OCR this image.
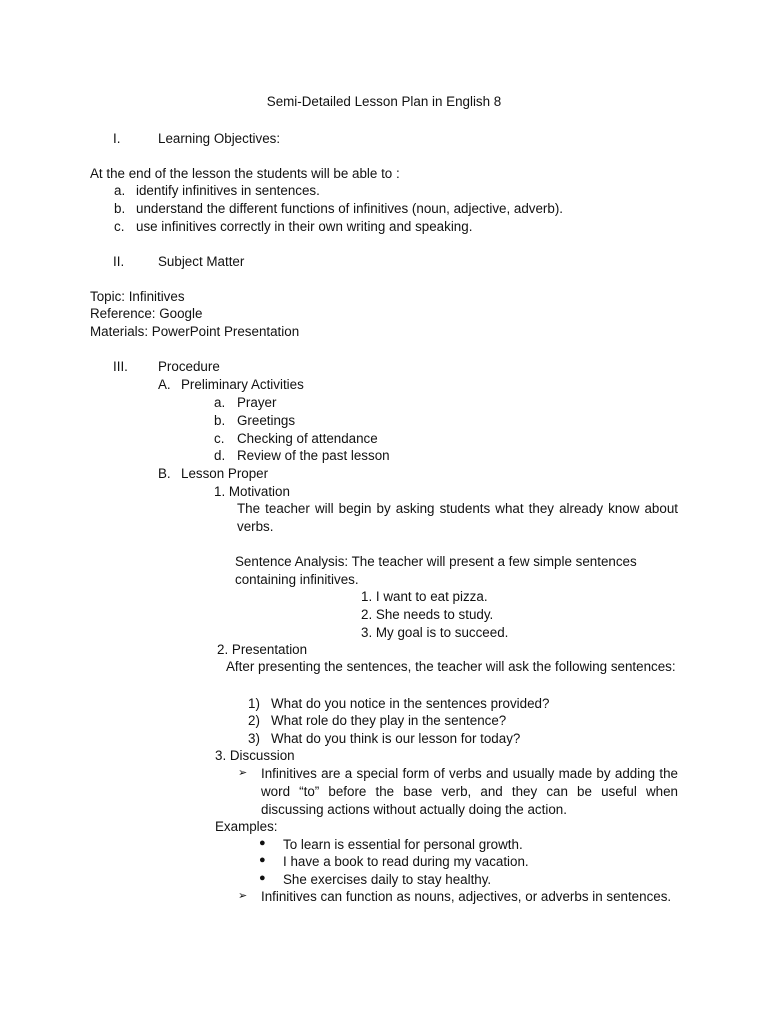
Semi-Detailed Lesson Plan in English 8
I.	Learning Objectives:
At the end of the lesson the students will be able to :
a. identify infinitives in sentences.
b. understand the different functions of infinitives (noun, adjective, adverb).
c. use infinitives correctly in their own writing and speaking.
II.	Subject Matter
Topic: Infinitives
Reference: Google
Materials: PowerPoint Presentation
III. Procedure
A. Preliminary Activities
a. Prayer
b. Greetings
c. Checking of attendance
d. Review of the past lesson
B. Lesson Proper
1. Motivation
The teacher will begin by asking students what they already know about verbs.
Sentence Analysis: The teacher will present a few simple sentences containing infinitives.
1. I want to eat pizza.
2. She needs to study.
3. My goal is to succeed.
2. Presentation
After presenting the sentences, the teacher will ask the following sentences:
1) What do you notice in the sentences provided?
2) What role do they play in the sentence?
3) What do you think is our lesson for today?
3. Discussion
➢ Infinitives are a special form of verbs and usually made by adding the word “to” before the base verb, and they can be useful when discussing actions without actually doing the action.
Examples:
● To learn is essential for personal growth.
● I have a book to read during my vacation.
● She exercises daily to stay healthy.
➢ Infinitives can function as nouns, adjectives, or adverbs in sentences.
